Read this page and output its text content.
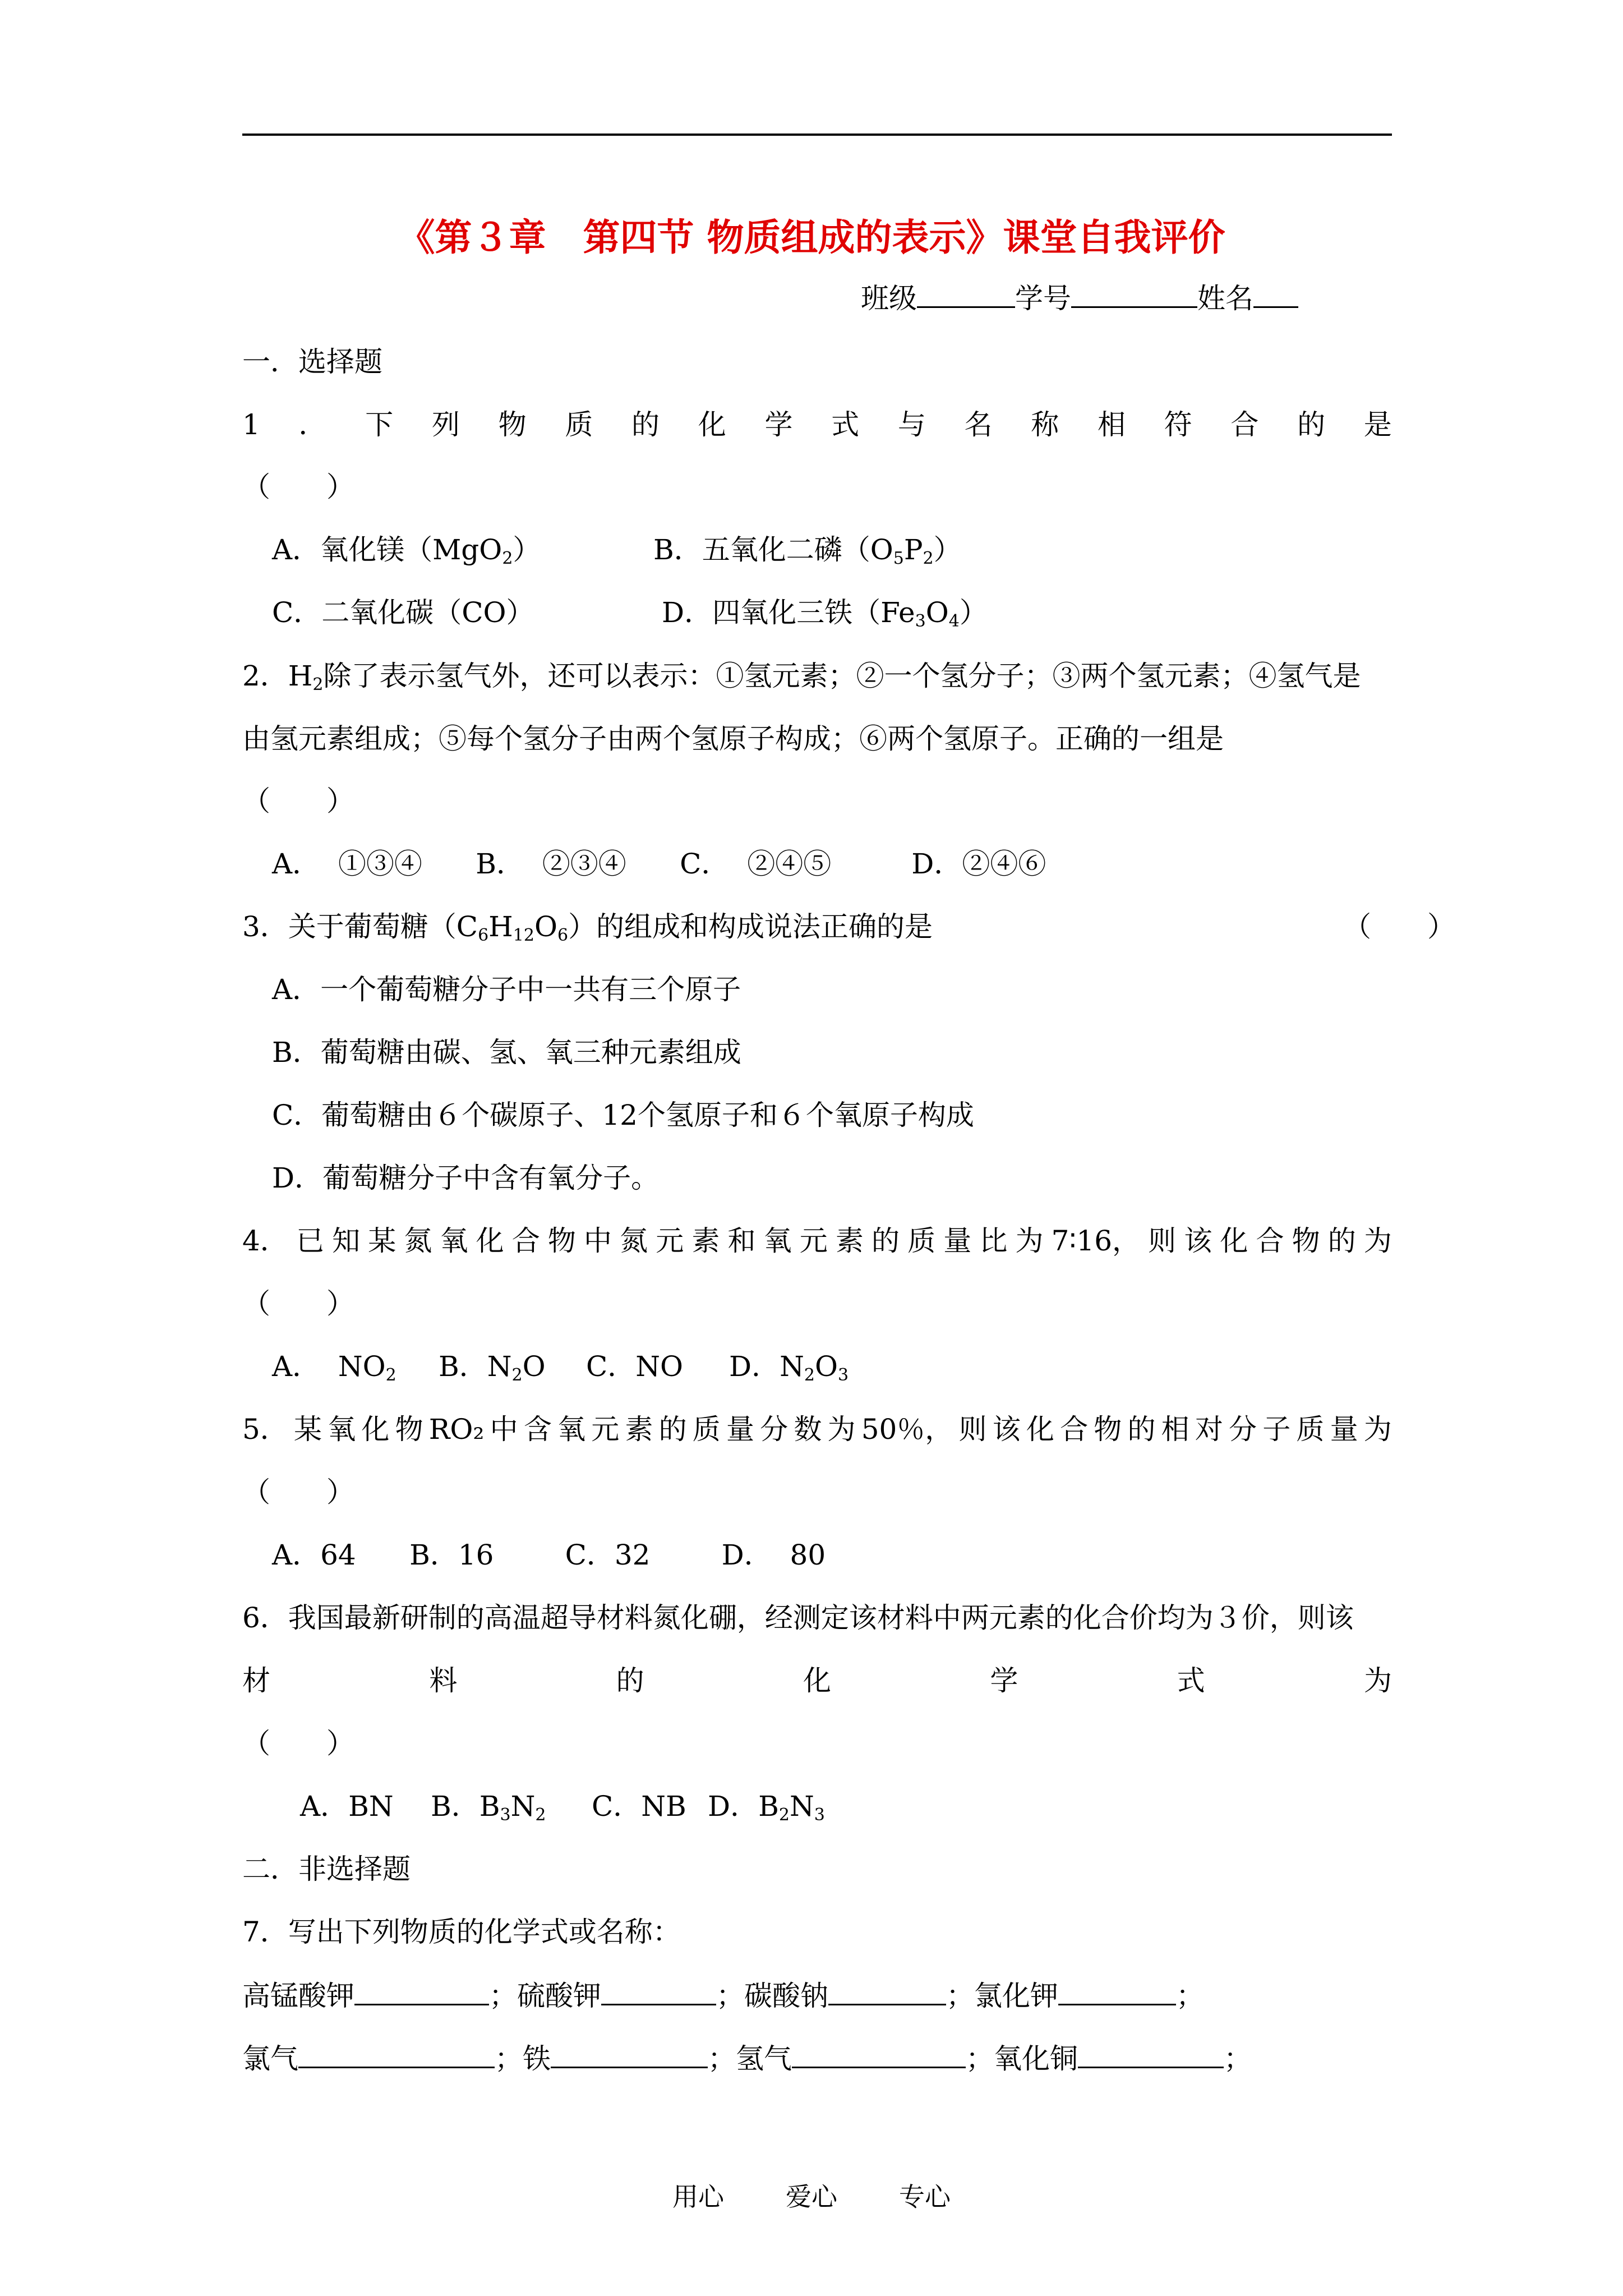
《第３章　第四节 物质组成的表示》课堂自我评价
班级	学号	姓名
一．选择题
1 ． 下 列 物 质 的 化 学 式 与 名 称 相 符 合 的 是
（　　）
A．氧化镁（MgO$_2$）	B．五氧化二磷$(O_5P_2)$
C．二氧化碳（CO）	D．四氧化三铁$(Fe_3O_4)$
2．$H_2$除了表示氢气外，还可以表示：①氢元素；②一个氢分子；③两个氢元素；④氢气是
由氢元素组成；⑤每个氢分子由两个氢原子构成；⑥两个氢原子。正确的一组是
（　　）
A．  ①③④      B．  ②③④      C．  ②④⑤         D．②④⑥
3．关于葡萄糖$(C_6H_{12}O_6)$的组成和构成说法正确的是	（　　）
A．一个葡萄糖分子中一共有三个原子
B．葡萄糖由碳、氢、氧三种元素组成
C．葡萄糖由６个碳原子、12个氢原子和６个氧原子构成
D．葡萄糖分子中含有氧分子。
4． 已 知 某 氮 氧 化 合 物 中 氮 元 素 和 氧 元 素 的 质 量 比 为 7∶16， 则 该 化 合 物 的 为
（　　）
A．  $NO_2$ B．$N_2O$ C．NO D．$N_2O_3$
5． 某 氧 化 物 RO₂ 中 含 氧 元 素 的 质 量 分 数 为 50％， 则 该 化 合 物 的 相 对 分 子 质 量 为
（　　）
A．64      B．16        C．32        D．  80
6．我国最新研制的高温超导材料氮化硼，经测定该材料中两元素的化合价均为３价，则该
材	料	的	化	学	式	为
（　　）
A．BN B．$B_3N_2$ C．NB D．$B_2N_3$
二．非选择题
7．写出下列物质的化学式或名称：
高锰酸钾	；硫酸钾	；碳酸钠	；氯化钾	；
氯气	；铁	；氢气	；氧化铜	；
用心 爱心 专心
